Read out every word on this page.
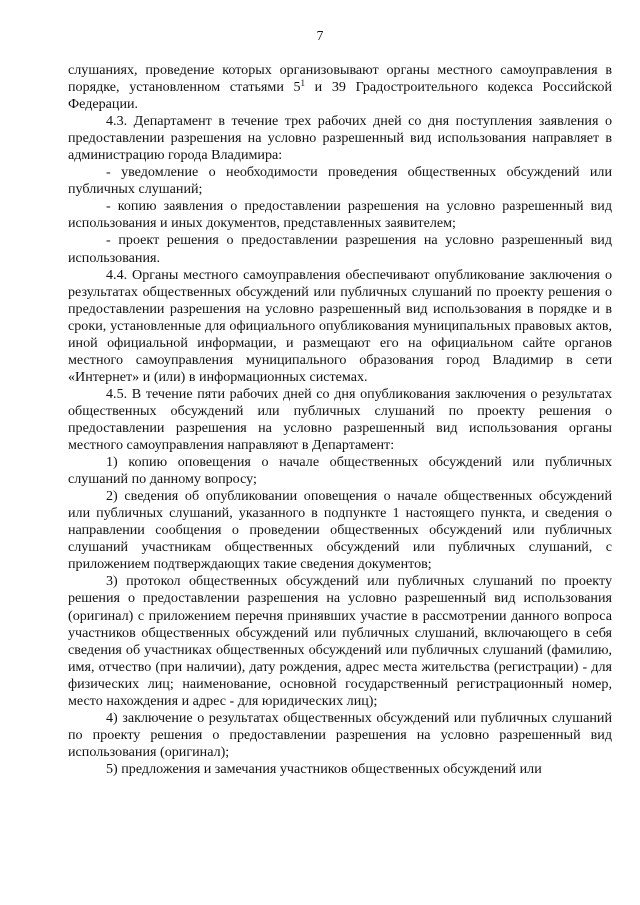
7

слушаниях, проведение которых организовывают органы местного самоуправления в порядке, установленном статьями $5^1$ и 39 Градостроительного кодекса Российской Федерации.

4.3. Департамент в течение трех рабочих дней со дня поступления заявления о предоставлении разрешения на условно разрешенный вид использования направляет в администрацию города Владимира:

- уведомление о необходимости проведения общественных обсуждений или публичных слушаний;

- копию заявления о предоставлении разрешения на условно разрешенный вид использования и иных документов, представленных заявителем;

- проект решения о предоставлении разрешения на условно разрешенный вид использования.

4.4. Органы местного самоуправления обеспечивают опубликование заключения о результатах общественных обсуждений или публичных слушаний по проекту решения о предоставлении разрешения на условно разрешенный вид использования в порядке и в сроки, установленные для официального опубликования муниципальных правовых актов, иной официальной информации, и размещают его на официальном сайте органов местного самоуправления муниципального образования город Владимир в сети «Интернет» и (или) в информационных системах.

4.5. В течение пяти рабочих дней со дня опубликования заключения о результатах общественных обсуждений или публичных слушаний по проекту решения о предоставлении разрешения на условно разрешенный вид использования органы местного самоуправления направляют в Департамент:

1) копию оповещения о начале общественных обсуждений или публичных слушаний по данному вопросу;

2) сведения об опубликовании оповещения о начале общественных обсуждений или публичных слушаний, указанного в подпункте 1 настоящего пункта, и сведения о направлении сообщения о проведении общественных обсуждений или публичных слушаний участникам общественных обсуждений или публичных слушаний, с приложением подтверждающих такие сведения документов;

3) протокол общественных обсуждений или публичных слушаний по проекту решения о предоставлении разрешения на условно разрешенный вид использования (оригинал) с приложением перечня принявших участие в рассмотрении данного вопроса участников общественных обсуждений или публичных слушаний, включающего в себя сведения об участниках общественных обсуждений или публичных слушаний (фамилию, имя, отчество (при наличии), дату рождения, адрес места жительства (регистрации) - для физических лиц; наименование, основной государственный регистрационный номер, место нахождения и адрес - для юридических лиц);

4) заключение о результатах общественных обсуждений или публичных слушаний по проекту решения о предоставлении разрешения на условно разрешенный вид использования (оригинал);

5) предложения и замечания участников общественных обсуждений или
